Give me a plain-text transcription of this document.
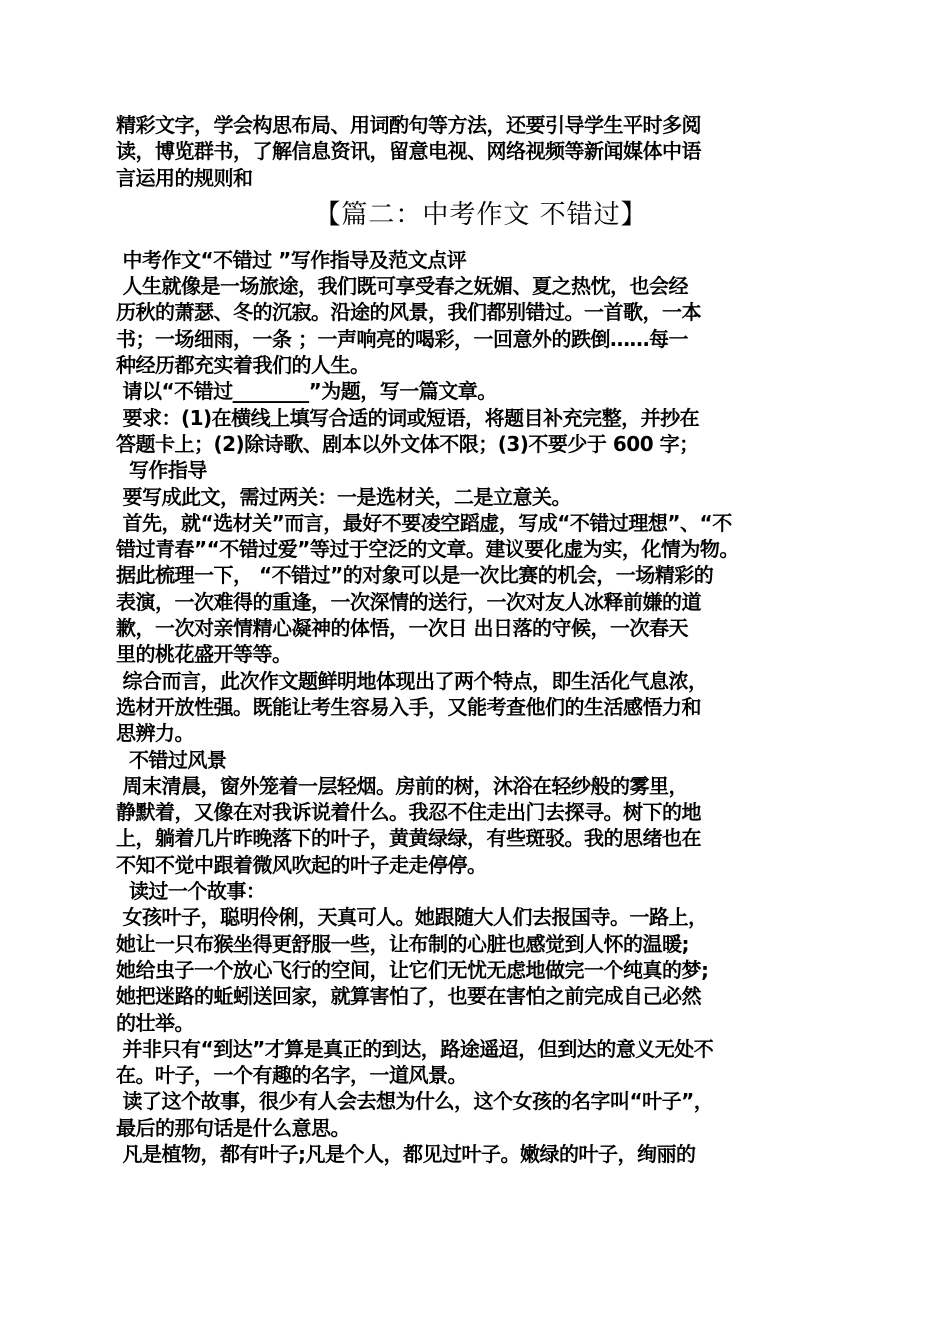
精彩文字，学会构思布局、用词酌句等方法，还要引导学生平时多阅

读，博览群书，了解信息资讯，留意电视、网络视频等新闻媒体中语

言运用的规则和

【篇二：中考作文 不错过】

中考作文“不错过 ”写作指导及范文点评

人生就像是一场旅途，我们既可享受春之妩媚、夏之热忱，也会经

历秋的萧瑟、冬的沉寂。沿途的风景，我们都别错过。一首歌，一本

书；一场细雨，一条 ；一声响亮的喝彩，一回意外的跌倒……每一

种经历都充实着我们的人生。

请以“不错过________”为题，写一篇文章。

要求：(1)在横线上填写合适的词或短语，将题目补充完整，并抄在

答题卡上；(2)除诗歌、剧本以外文体不限；(3)不要少于 600 字；

写作指导

要写成此文，需过两关：一是选材关，二是立意关。

首先，就“选材关”而言，最好不要凌空蹈虚，写成“不错过理想”、“不

错过青春”“不错过爱”等过于空泛的文章。建议要化虚为实，化情为物。

据此梳理一下， “不错过”的对象可以是一次比赛的机会，一场精彩的

表演，一次难得的重逢，一次深情的送行，一次对友人冰释前嫌的道

歉，一次对亲情精心凝神的体悟，一次日 出日落的守候，一次春天

里的桃花盛开等等。

综合而言，此次作文题鲜明地体现出了两个特点，即生活化气息浓，

选材开放性强。既能让考生容易入手，又能考查他们的生活感悟力和

思辨力。

不错过风景

周末清晨，窗外笼着一层轻烟。房前的树，沐浴在轻纱般的雾里，

静默着，又像在对我诉说着什么。我忍不住走出门去探寻。树下的地

上，躺着几片昨晚落下的叶子，黄黄绿绿，有些斑驳。我的思绪也在

不知不觉中跟着微风吹起的叶子走走停停。

读过一个故事：

女孩叶子，聪明伶俐，天真可人。她跟随大人们去报国寺。一路上，

她让一只布猴坐得更舒服一些，让布制的心脏也感觉到人怀的温暖;

她给虫子一个放心飞行的空间，让它们无忧无虑地做完一个纯真的梦;

她把迷路的蚯蚓送回家，就算害怕了，也要在害怕之前完成自己必然

的壮举。

并非只有“到达”才算是真正的到达，路途遥迢，但到达的意义无处不

在。叶子，一个有趣的名字，一道风景。

读了这个故事，很少有人会去想为什么，这个女孩的名字叫“叶子”，

最后的那句话是什么意思。

凡是植物，都有叶子;凡是个人，都见过叶子。嫩绿的叶子，绚丽的
